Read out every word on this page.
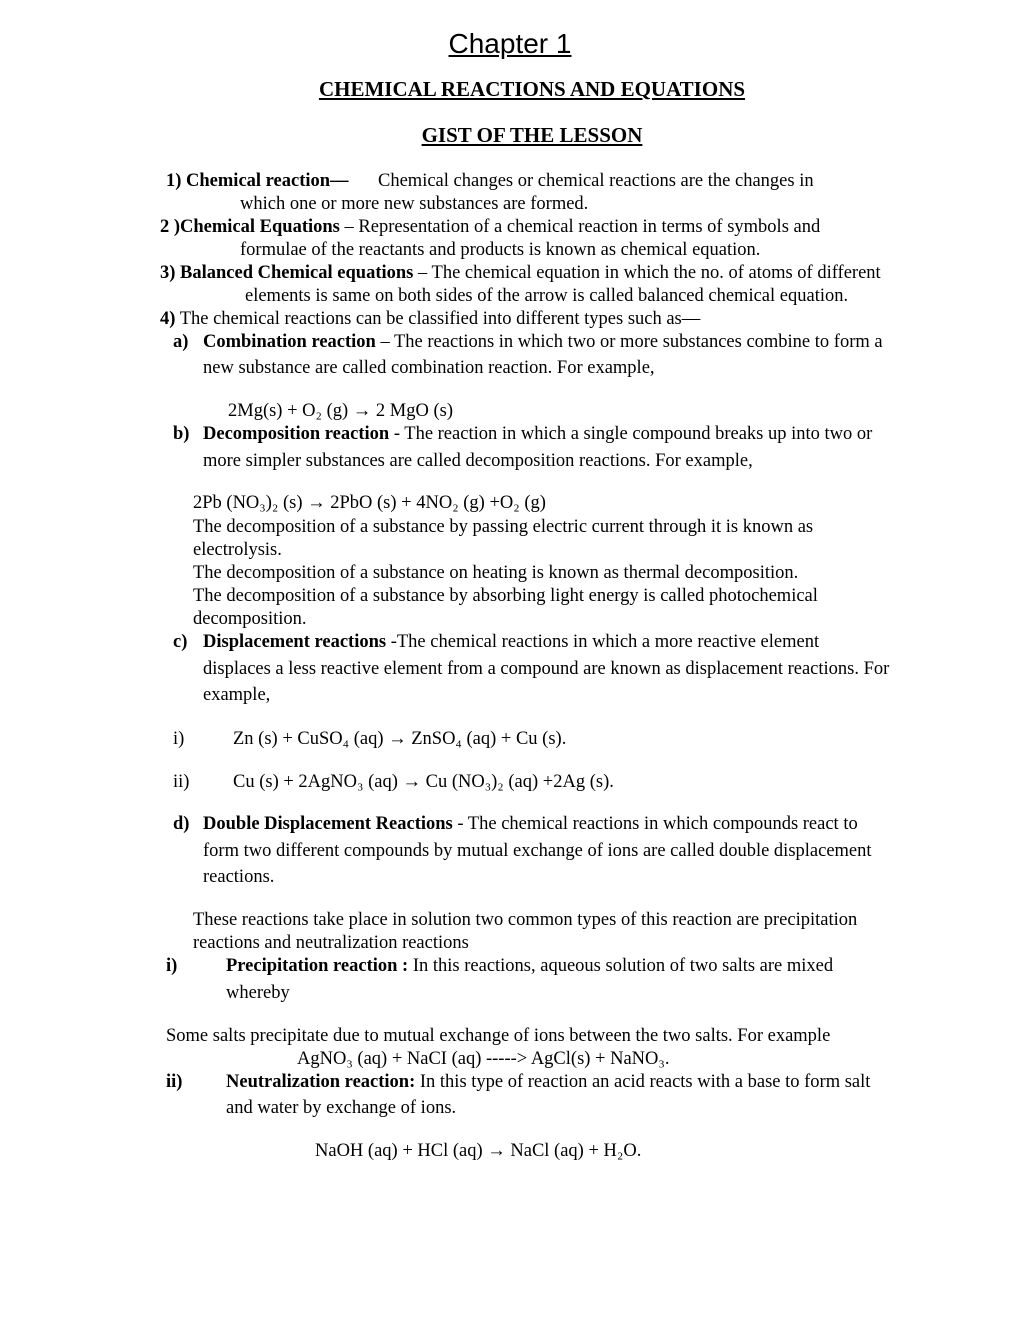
Chapter 1
CHEMICAL REACTIONS AND EQUATIONS
GIST OF THE LESSON
1) Chemical reaction— Chemical changes or chemical reactions are the changes in
which one or more new substances are formed.
2 )Chemical Equations – Representation of a chemical reaction in terms of symbols and
formulae of the reactants and products is known as chemical equation.
3) Balanced Chemical equations – The chemical equation in which the no. of atoms of different
elements is same on both sides of the arrow is called balanced chemical equation.
4) The chemical reactions can be classified into different types such as—
a) Combination reaction – The reactions in which two or more substances combine to form a
new substance are called combination reaction. For example,
2Mg(s) + O₂ (g) → 2 MgO (s)
b) Decomposition reaction - The reaction in which a single compound breaks up into two or
more simpler substances are called decomposition reactions. For example,
2Pb (NO₃)₂ (s) → 2PbO (s) + 4NO₂ (g) +O₂ (g)
The decomposition of a substance by passing electric current through it is known as
electrolysis.
The decomposition of a substance on heating is known as thermal decomposition.
The decomposition of a substance by absorbing light energy is called photochemical
decomposition.
c) Displacement reactions -The chemical reactions in which a more reactive element
displaces a less reactive element from a compound are known as displacement reactions. For
example,
i)	Zn (s) + CuSO₄ (aq) → ZnSO₄ (aq) + Cu (s).
ii) Cu (s) + 2AgNO₃ (aq) → Cu (NO₃)₂ (aq) +2Ag (s).
d) Double Displacement Reactions - The chemical reactions in which compounds react to
form two different compounds by mutual exchange of ions are called double displacement
reactions.
These reactions take place in solution two common types of this reaction are precipitation
reactions and neutralization reactions
i)	Precipitation reaction : In this reactions, aqueous solution of two salts are mixed
whereby
Some salts precipitate due to mutual exchange of ions between the two salts. For example
AgNO₃ (aq) + NaCI (aq) -----> AgCl(s) + NaNO₃.
ii) Neutralization reaction: In this type of reaction an acid reacts with a base to form salt
and water by exchange of ions.
NaOH (aq) + HCl (aq) → NaCl (aq) + H₂O.
